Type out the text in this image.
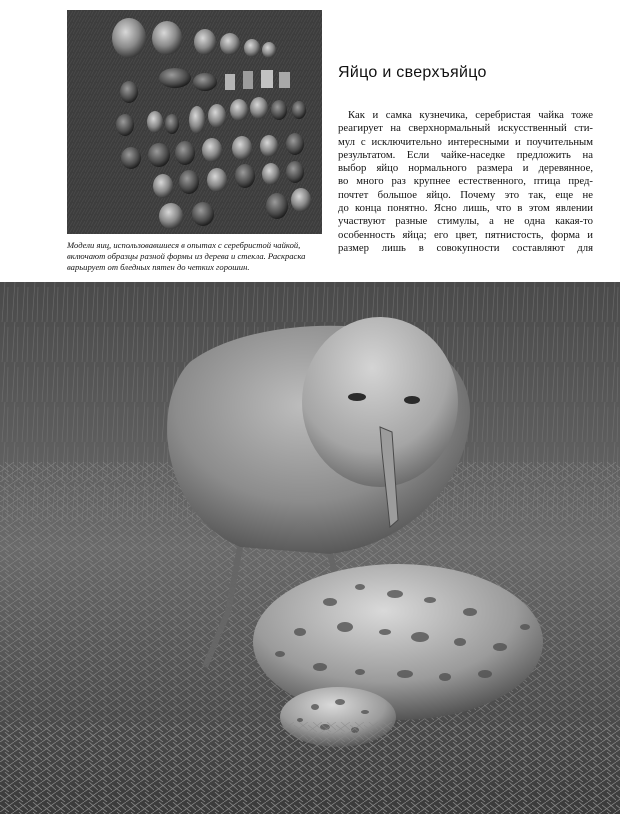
Модели яиц, использовавшиеся в опытах с серебристой чайкой,
включают образцы разной формы из дерева и стекла. Раскраска
варьирует от бледных пятен до четких горошин.
Яйцо и сверхъяйцо
Как и самка кузнечика, серебристая чайка тоже
реагирует на сверхнормальный искусственный сти-
мул с исключительно интересными и поучительным
результатом. Если чайке-наседке предложить на
выбор яйцо нормального размера и деревянное,
во много раз крупнее естественного, птица пред-
почтет большое яйцо. Почему это так, еще не
до конца понятно. Ясно лишь, что в этом явлении
участвуют разные стимулы, а не одна какая-то
особенность яйца; его цвет, пятнистость, форма и
размер лишь в совокупности составляют для
